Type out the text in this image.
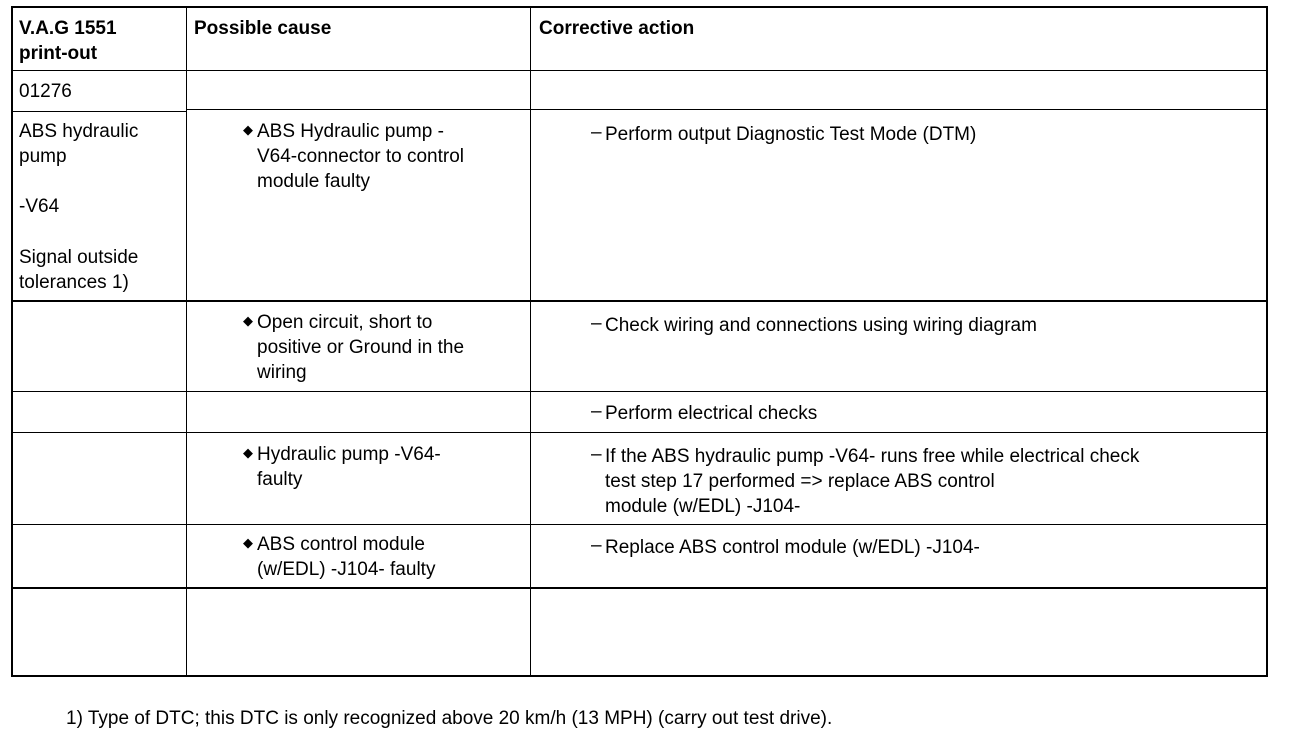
V.A.G 1551
print-out
Possible cause	Corrective action
01276
ABS hydraulic
pump
-V64
Signal outside
tolerances 1)
◆ ABS Hydraulic pump -
V64-connector to control
module faulty
◆ Open circuit, short to
positive or Ground in the
wiring
◆ Hydraulic pump -V64-
faulty
◆ ABS control module
(w/EDL) -J104- faulty
– Perform output Diagnostic Test Mode (DTM)
– Check wiring and connections using wiring diagram
– Perform electrical checks
– If the ABS hydraulic pump -V64- runs free while electrical check
test step 17 performed => replace ABS control
module (w/EDL) -J104-
– Replace ABS control module (w/EDL) -J104-
1) Type of DTC; this DTC is only recognized above 20 km/h (13 MPH) (carry out test drive).
